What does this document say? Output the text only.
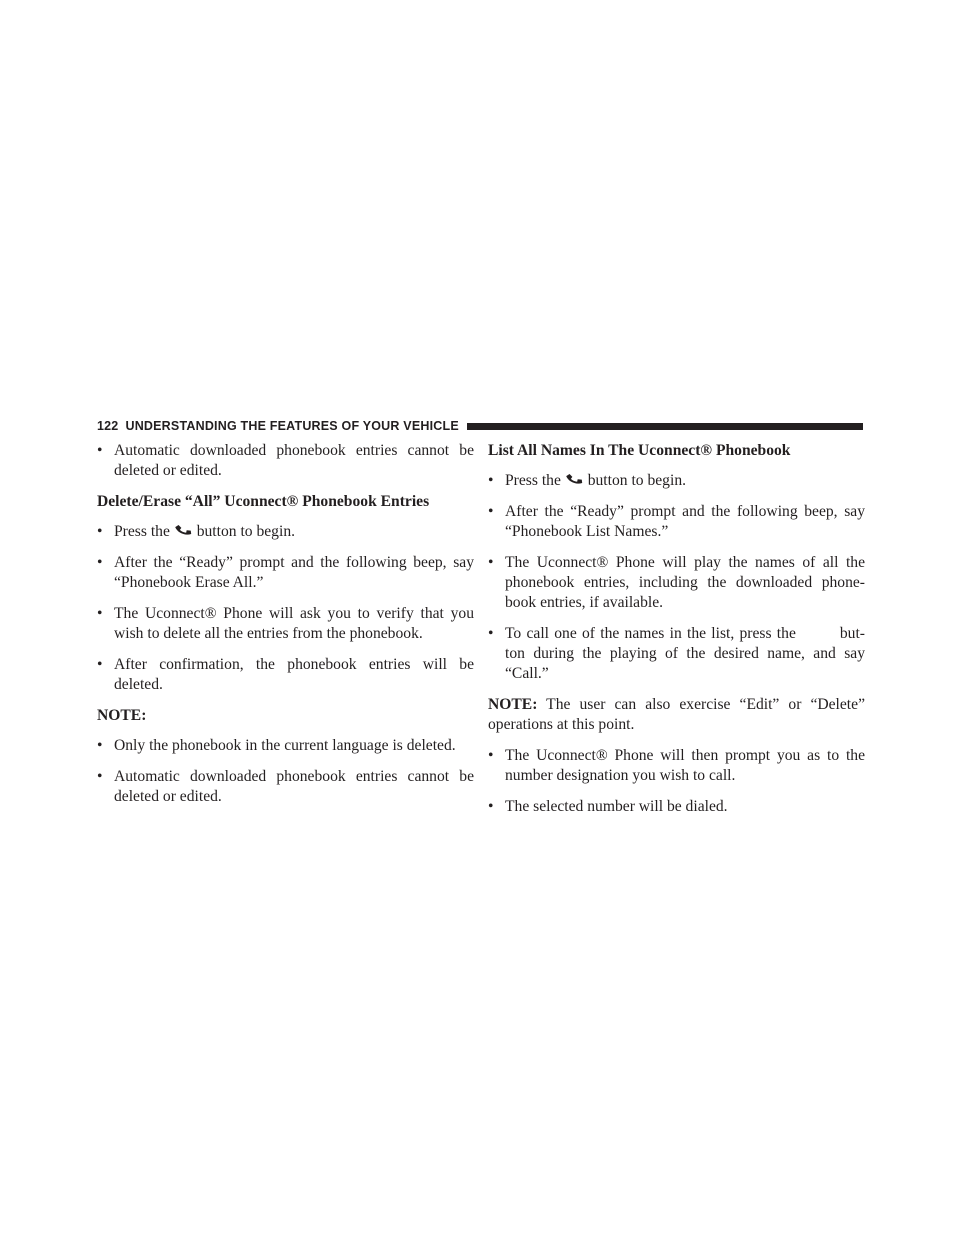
122 UNDERSTANDING THE FEATURES OF YOUR VEHICLE
• Automatic downloaded phonebook entries cannot be deleted or edited.
Delete/Erase “All” Uconnect® Phonebook Entries
• Press the button to begin.
• After the “Ready” prompt and the following beep, say “Phonebook Erase All.”
• The Uconnect® Phone will ask you to verify that you wish to delete all the entries from the phonebook.
• After confirmation, the phonebook entries will be deleted.
NOTE:
• Only the phonebook in the current language is deleted.
• Automatic downloaded phonebook entries cannot be deleted or edited.
List All Names In The Uconnect® Phonebook
• Press the button to begin.
• After the “Ready” prompt and the following beep, say “Phonebook List Names.”
• The Uconnect® Phone will play the names of all the phonebook entries, including the downloaded phone-book entries, if available.
• To call one of the names in the list, press the	but-ton during the playing of the desired name, and say “Call.”
NOTE: The user can also exercise “Edit” or “Delete” operations at this point.
• The Uconnect® Phone will then prompt you as to the number designation you wish to call.
• The selected number will be dialed.
